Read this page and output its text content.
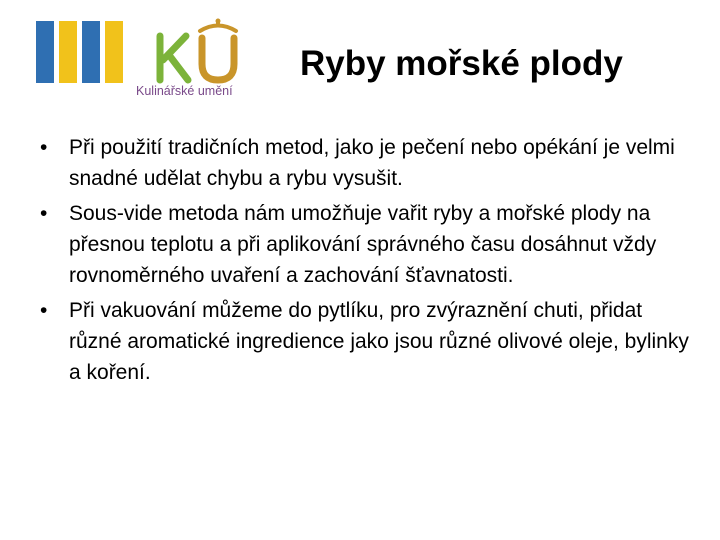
Kulinářské umění
Ryby mořské plody
• Při použití tradičních metod, jako je pečení nebo opékání je velmi snadné udělat chybu a rybu vysušit.
• Sous-vide metoda nám umožňuje vařit ryby a mořské plody na přesnou teplotu a při aplikování správného času dosáhnut vždy rovnoměrného uvaření a zachování šťavnatosti.
• Při vakuování můžeme do pytlíku, pro zvýraznění chuti, přidat různé aromatické ingredience jako jsou různé olivové oleje, bylinky a koření.
